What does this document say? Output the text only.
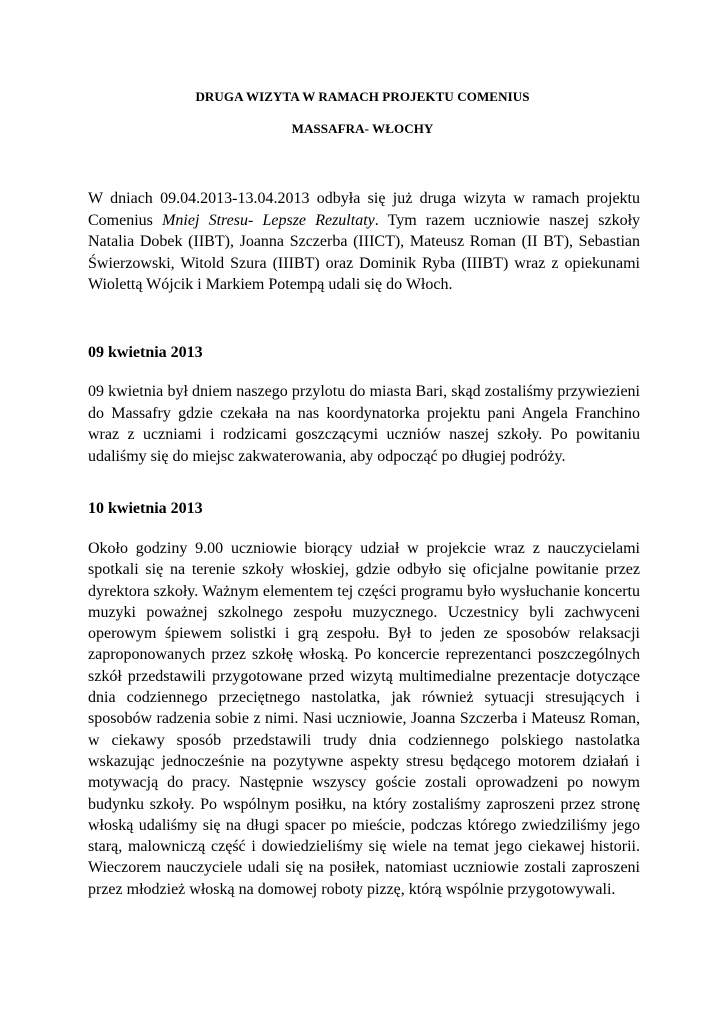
DRUGA WIZYTA W RAMACH PROJEKTU COMENIUS
MASSAFRA- WŁOCHY

W dniach 09.04.2013-13.04.2013 odbyła się już druga wizyta w ramach projektu Comenius Mniej Stresu- Lepsze Rezultaty. Tym razem uczniowie naszej szkoły Natalia Dobek (IIBT), Joanna Szczerba (IIICT), Mateusz Roman (II BT), Sebastian Świerzowski, Witold Szura (IIIBT) oraz Dominik Ryba (IIIBT) wraz z opiekunami Wiolettą Wójcik i Markiem Potempą udali się do Włoch.

09 kwietnia 2013

09 kwietnia był dniem naszego przylotu do miasta Bari, skąd zostaliśmy przywiezieni do Massafry gdzie czekała na nas koordynatorka projektu pani Angela Franchino wraz z uczniami i rodzicami goszczącymi uczniów naszej szkoły. Po powitaniu udaliśmy się do miejsc zakwaterowania, aby odpocząć po długiej podróży.

10 kwietnia 2013

Około godziny 9.00 uczniowie biorący udział w projekcie wraz z nauczycielami spotkali się na terenie szkoły włoskiej, gdzie odbyło się oficjalne powitanie przez dyrektora szkoły. Ważnym elementem tej części programu było wysłuchanie koncertu muzyki poważnej szkolnego zespołu muzycznego. Uczestnicy byli zachwyceni operowym śpiewem solistki i grą zespołu. Był to jeden ze sposobów relaksacji zaproponowanych przez szkołę włoską. Po koncercie reprezentanci poszczególnych szkół przedstawili przygotowane przed wizytą multimedialne prezentacje dotyczące dnia codziennego przeciętnego nastolatka, jak również sytuacji stresujących i sposobów radzenia sobie z nimi. Nasi uczniowie, Joanna Szczerba i Mateusz Roman, w ciekawy sposób przedstawili trudy dnia codziennego polskiego nastolatka wskazując jednocześnie na pozytywne aspekty stresu będącego motorem działań i motywacją do pracy. Następnie wszyscy goście zostali oprowadzeni po nowym budynku szkoły. Po wspólnym posiłku, na który zostaliśmy zaproszeni przez stronę włoską udaliśmy się na długi spacer po mieście, podczas którego zwiedziliśmy jego starą, malowniczą część i dowiedzieliśmy się wiele na temat jego ciekawej historii. Wieczorem nauczyciele udali się na posiłek, natomiast uczniowie zostali zaproszeni przez młodzież włoską na domowej roboty pizzę, którą wspólnie przygotowywali.
